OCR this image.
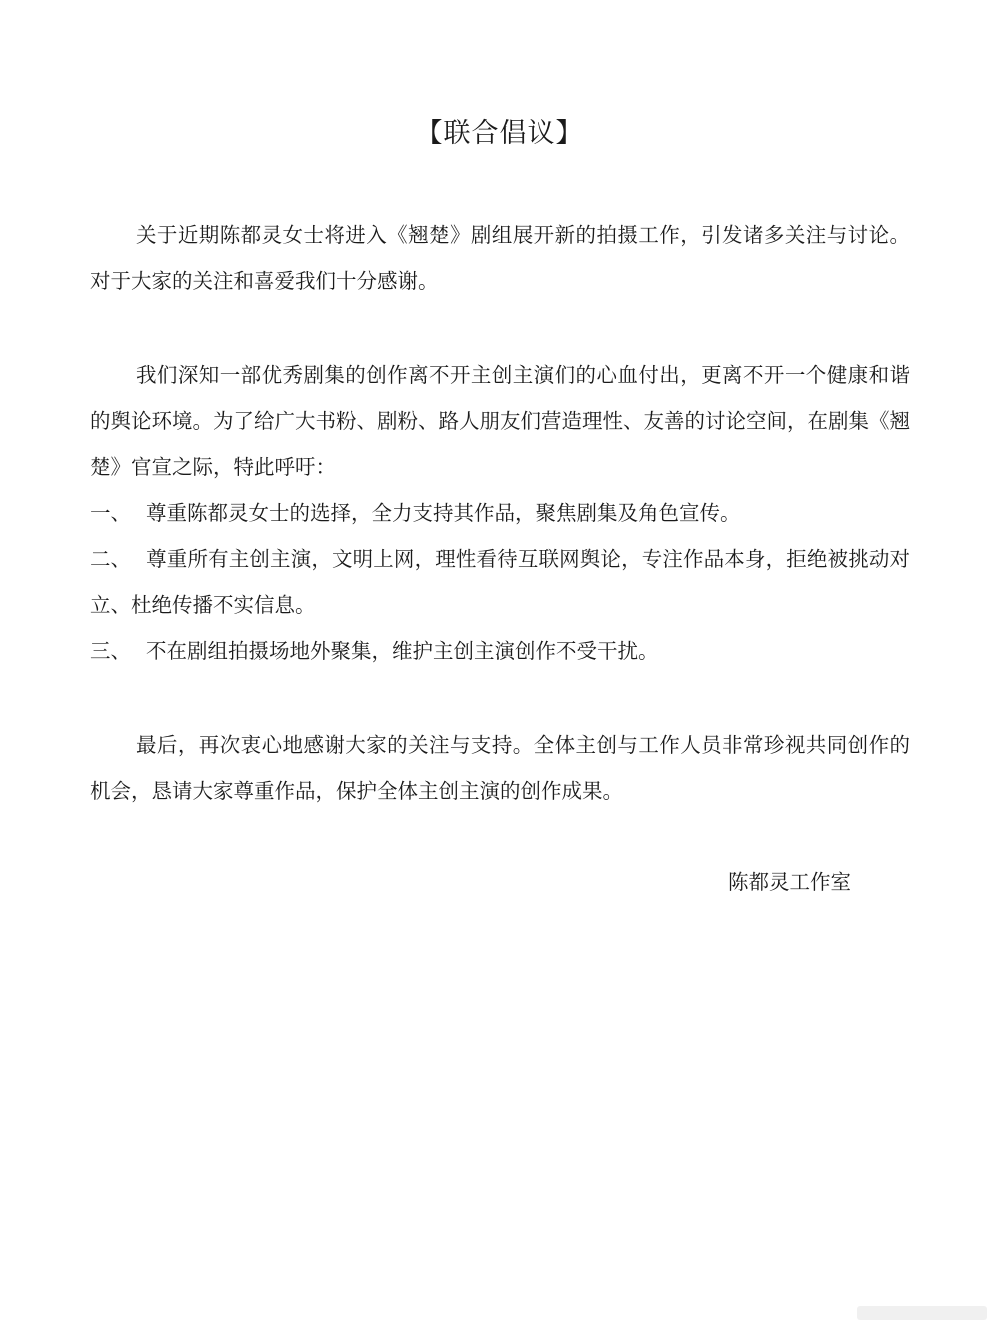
【联合倡议】
关于近期陈都灵女士将进入《翘楚》剧组展开新的拍摄工作，引发诸多关注与讨论。对于大家的关注和喜爱我们十分感谢。
我们深知一部优秀剧集的创作离不开主创主演们的心血付出，更离不开一个健康和谐的舆论环境。为了给广大书粉、剧粉、路人朋友们营造理性、友善的讨论空间，在剧集《翘楚》官宣之际，特此呼吁：
一、 尊重陈都灵女士的选择，全力支持其作品，聚焦剧集及角色宣传。
二、 尊重所有主创主演，文明上网，理性看待互联网舆论，专注作品本身，拒绝被挑动对立、杜绝传播不实信息。
三、 不在剧组拍摄场地外聚集，维护主创主演创作不受干扰。
最后，再次衷心地感谢大家的关注与支持。全体主创与工作人员非常珍视共同创作的机会，恳请大家尊重作品，保护全体主创主演的创作成果。
陈都灵工作室
